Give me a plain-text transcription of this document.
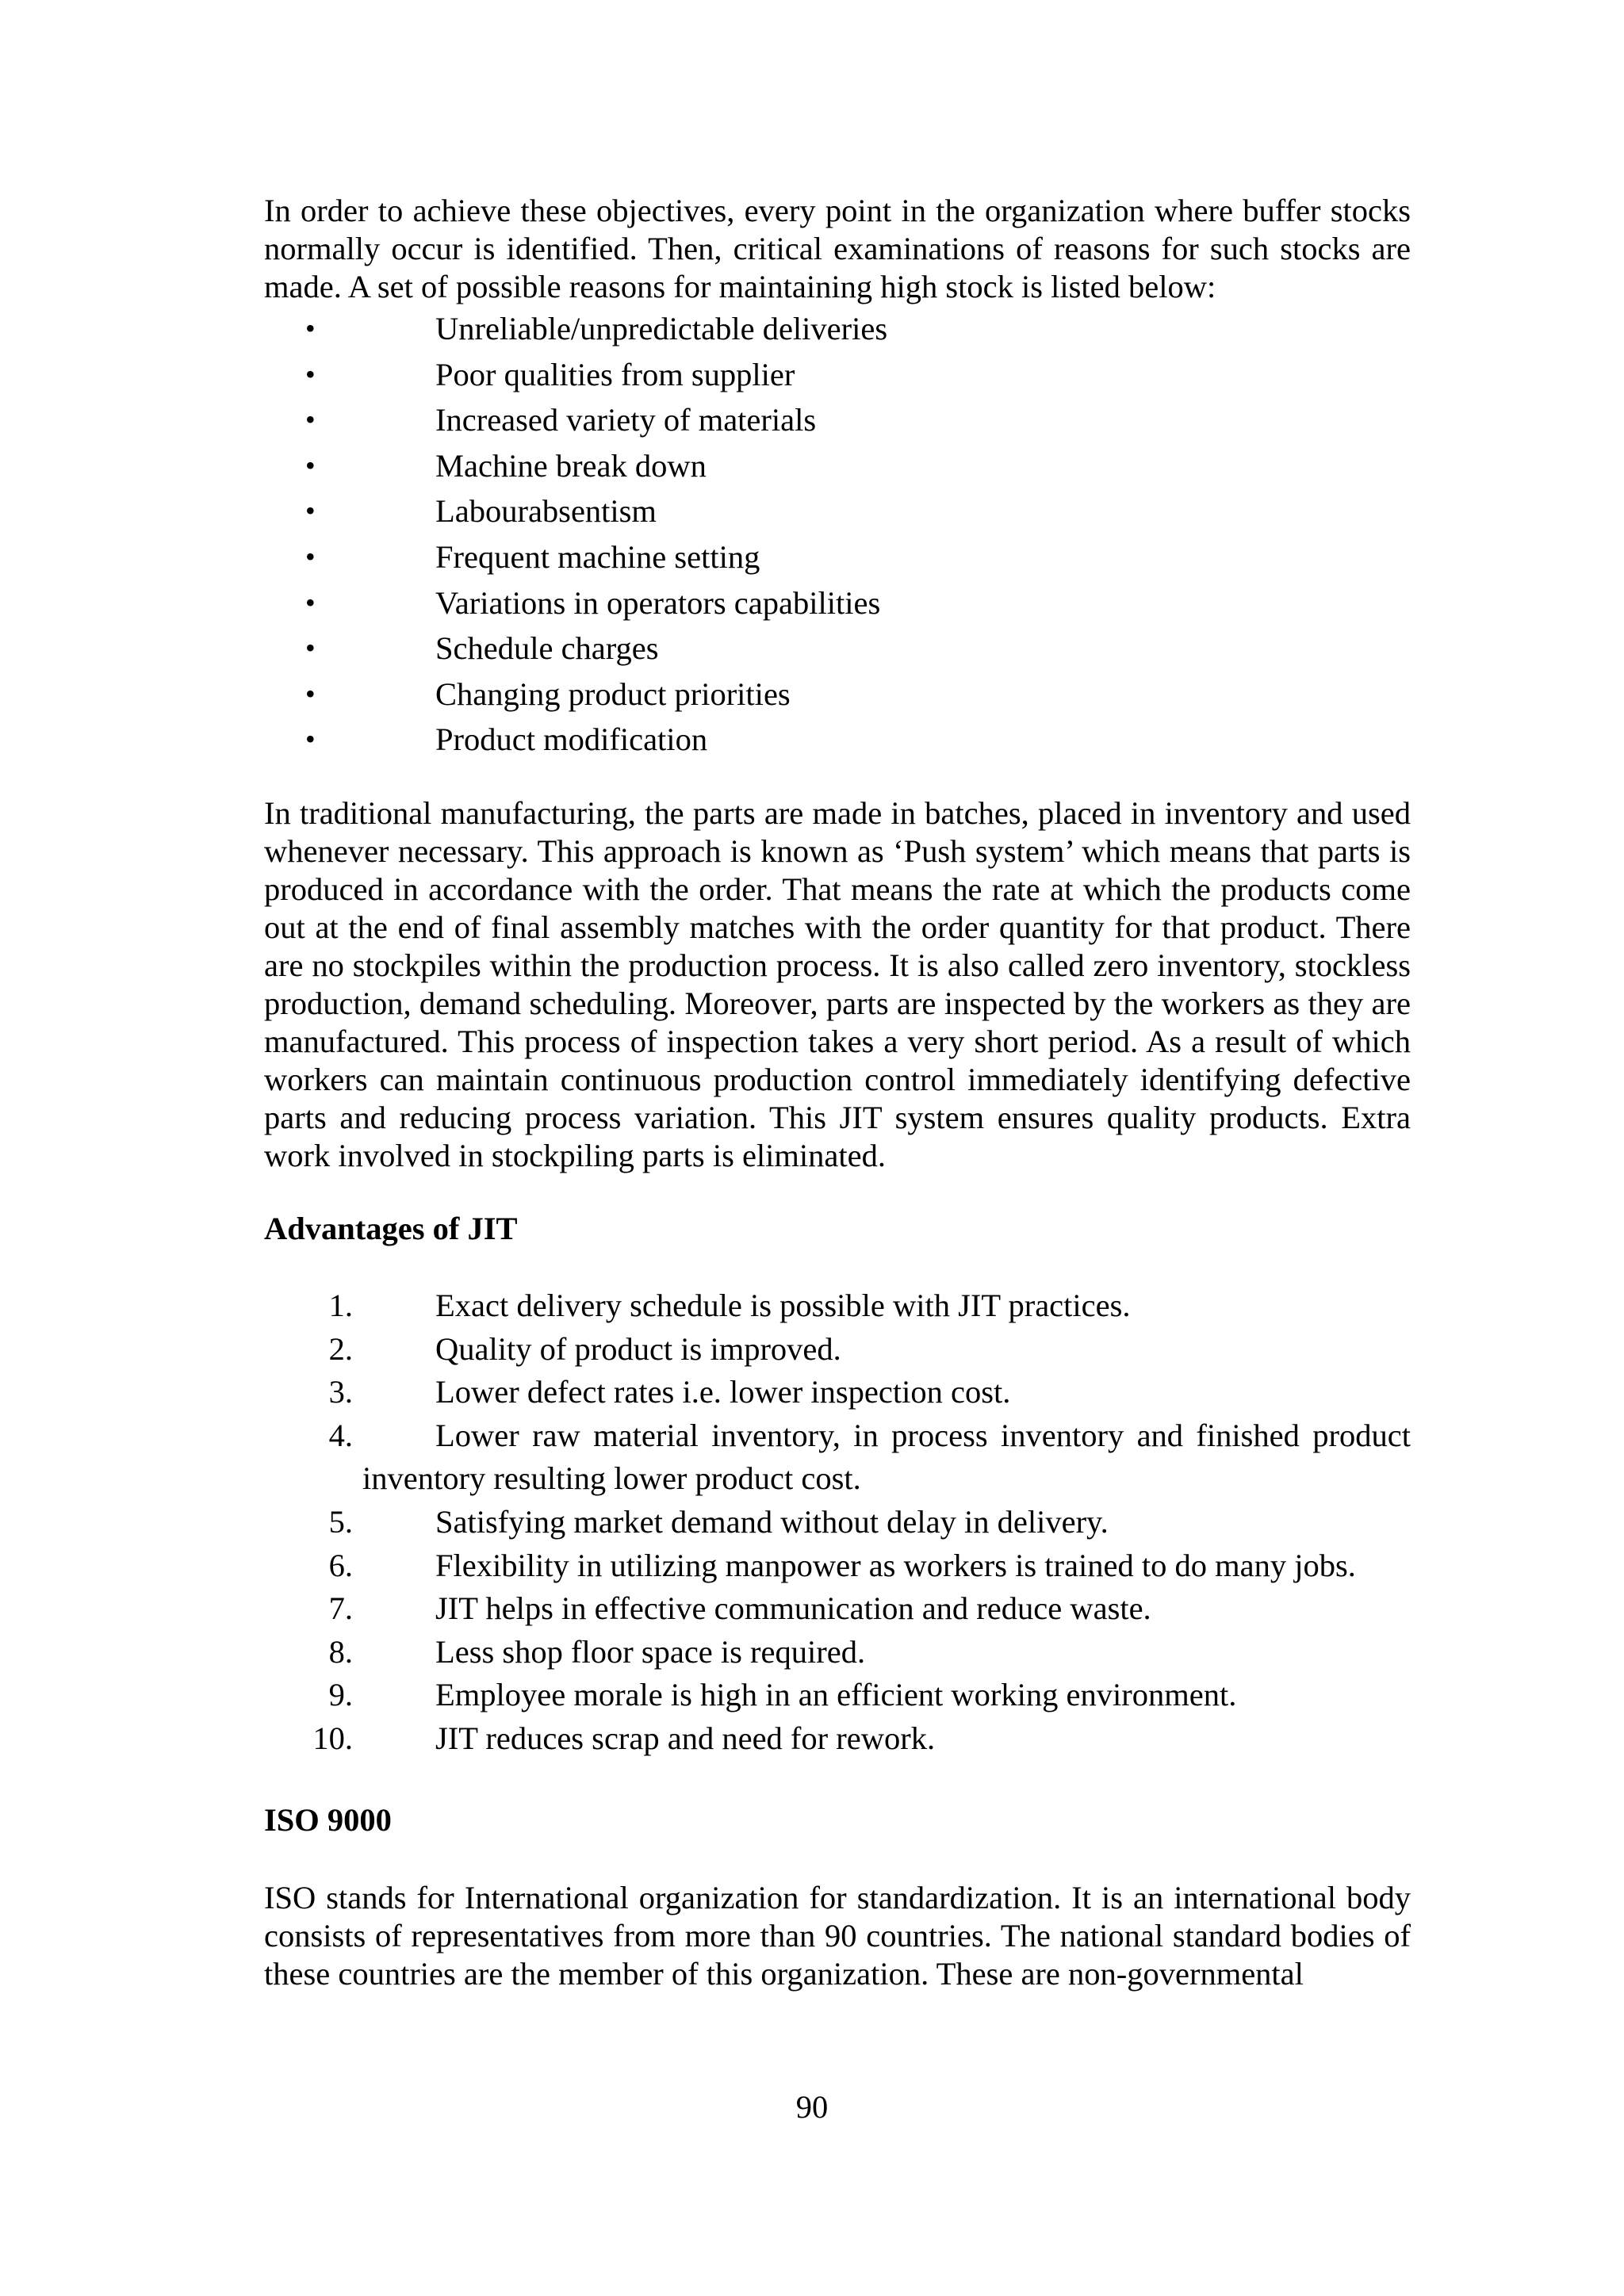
In order to achieve these objectives, every point in the organization where buffer stocks normally occur is identified. Then, critical examinations of reasons for such stocks are made. A set of possible reasons for maintaining high stock is listed below:

•	Unreliable/unpredictable deliveries
•	Poor qualities from supplier
•	Increased variety of materials
•	Machine break down
•	Labourabsentism
•	Frequent machine setting
•	Variations in operators capabilities
•	Schedule charges
•	Changing product priorities
•	Product modification

In traditional manufacturing, the parts are made in batches, placed in inventory and used whenever necessary. This approach is known as ‘Push system’ which means that parts is produced in accordance with the order. That means the rate at which the products come out at the end of final assembly matches with the order quantity for that product. There are no stockpiles within the production process. It is also called zero inventory, stockless production, demand scheduling. Moreover, parts are inspected by the workers as they are manufactured. This process of inspection takes a very short period. As a result of which workers can maintain continuous production control immediately identifying defective parts and reducing process variation. This JIT system ensures quality products. Extra work involved in stockpiling parts is eliminated.

Advantages of JIT
1.	Exact delivery schedule is possible with JIT practices.
2.	Quality of product is improved.
3.	Lower defect rates i.e. lower inspection cost.
4.	Lower raw material inventory, in process inventory and finished product
inventory resulting lower product cost.
5.	Satisfying market demand without delay in delivery.
6.	Flexibility in utilizing manpower as workers is trained to do many jobs.
7.	JIT helps in effective communication and reduce waste.
8.	Less shop floor space is required.
9.	Employee morale is high in an efficient working environment.
10.	JIT reduces scrap and need for rework.
ISO 9000

ISO stands for International organization for standardization. It is an international body consists of representatives from more than 90 countries. The national standard bodies of these countries are the member of this organization. These are non-governmental

90
